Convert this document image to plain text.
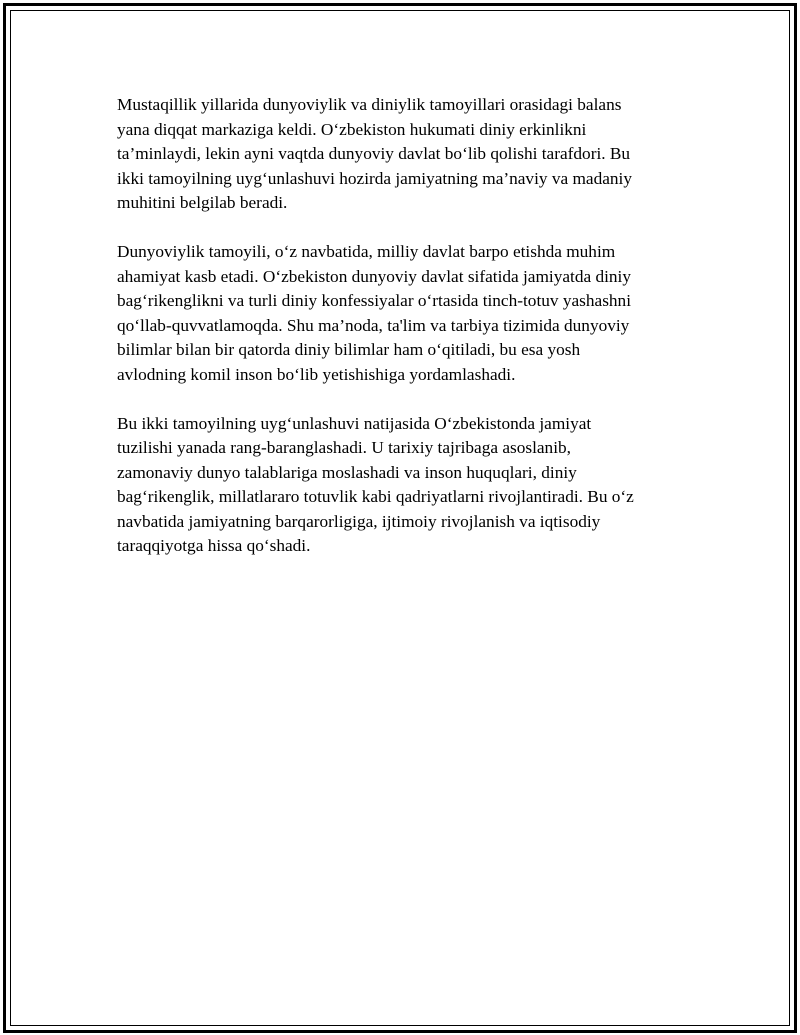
Mustaqillik yillarida dunyoviylik va diniylik tamoyillari orasidagi balans
yana diqqat markaziga keldi. O‘zbekiston hukumati diniy erkinlikni
ta’minlaydi, lekin ayni vaqtda dunyoviy davlat bo‘lib qolishi tarafdori. Bu
ikki tamoyilning uyg‘unlashuvi hozirda jamiyatning ma’naviy va madaniy
muhitini belgilab beradi.

Dunyoviylik tamoyili, o‘z navbatida, milliy davlat barpo etishda muhim
ahamiyat kasb etadi. O‘zbekiston dunyoviy davlat sifatida jamiyatda diniy
bag‘rikenglikni va turli diniy konfessiyalar o‘rtasida tinch-totuv yashashni
qo‘llab-quvvatlamoqda. Shu ma’noda, ta'lim va tarbiya tizimida dunyoviy
bilimlar bilan bir qatorda diniy bilimlar ham o‘qitiladi, bu esa yosh
avlodning komil inson bo‘lib yetishishiga yordamlashadi.

Bu ikki tamoyilning uyg‘unlashuvi natijasida O‘zbekistonda jamiyat
tuzilishi yanada rang-baranglashadi. U tarixiy tajribaga asoslanib,
zamonaviy dunyo talablariga moslashadi va inson huquqlari, diniy
bag‘rikenglik, millatlararo totuvlik kabi qadriyatlarni rivojlantiradi. Bu o‘z
navbatida jamiyatning barqarorligiga, ijtimoiy rivojlanish va iqtisodiy
taraqqiyotga hissa qo‘shadi.
